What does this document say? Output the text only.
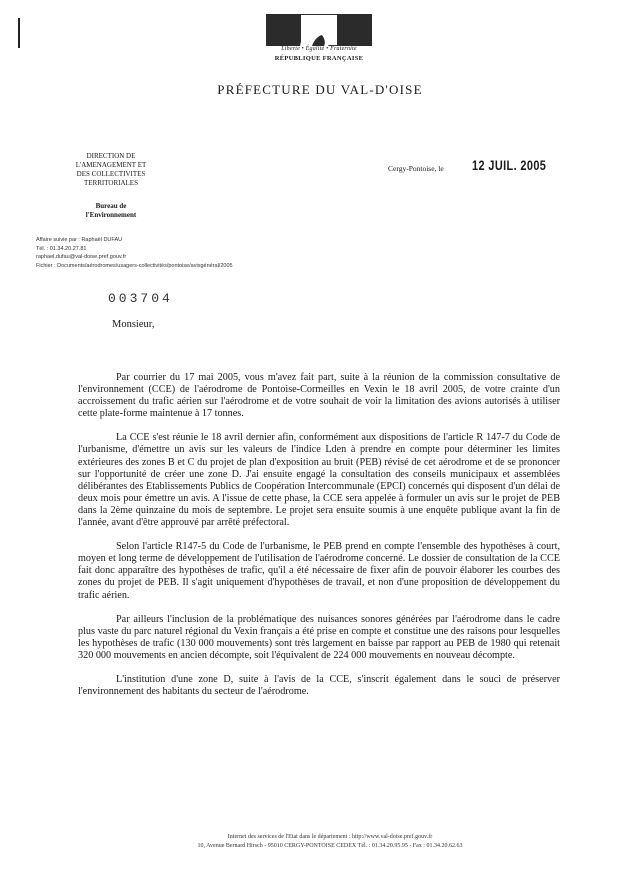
Liberté • Égalité • Fraternité
RÉPUBLIQUE FRANÇAISE
PRÉFECTURE DU VAL-D'OISE
DIRECTION DE
L'AMENAGEMENT ET
DES COLLECTIVITES
TERRITORIALES
Bureau de
l'Environnement
Affaire suivie par : Raphaël DUFAU
Tél. : 01.34.20.27.81
raphael.dufau@val-doise.pref.gouv.fr
Fichier : Documents/aérodromes/usagers-collectivités/pontoise/avisgénéral/2005
Cergy-Pontoise, le	12 JUIL. 2005
003704
Monsieur,

Par courrier du 17 mai 2005, vous m'avez fait part, suite à la réunion de la commission consultative de l'environnement (CCE) de l'aérodrome de Pontoise-Cormeilles en Vexin le 18 avril 2005, de votre crainte d'un accroissement du trafic aérien sur l'aérodrome et de votre souhait de voir la limitation des avions autorisés à utiliser cette plate-forme maintenue à 17 tonnes.

La CCE s'est réunie le 18 avril dernier afin, conformément aux dispositions de l'article R 147-7 du Code de l'urbanisme, d'émettre un avis sur les valeurs de l'indice Lden à prendre en compte pour déterminer les limites extérieures des zones B et C du projet de plan d'exposition au bruit (PEB) révisé de cet aérodrome et de se prononcer sur l'opportunité de créer une zone D. J'ai ensuite engagé la consultation des conseils municipaux et assemblées délibérantes des Etablissements Publics de Coopération Intercommunale (EPCI) concernés qui disposent d'un délai de deux mois pour émettre un avis. A l'issue de cette phase, la CCE sera appelée à formuler un avis sur le projet de PEB dans la 2ème quinzaine du mois de septembre. Le projet sera ensuite soumis à une enquête publique avant la fin de l'année, avant d'être approuvé par arrêté préfectoral.

Selon l'article R147-5 du Code de l'urbanisme, le PEB prend en compte l'ensemble des hypothèses à court, moyen et long terme de développement de l'utilisation de l'aérodrome concerné. Le dossier de consultation de la CCE fait donc apparaître des hypothèses de trafic, qu'il a été nécessaire de fixer afin de pouvoir élaborer les courbes des zones du projet de PEB. Il s'agit uniquement d'hypothèses de travail, et non d'une proposition de développement du trafic aérien.

Par ailleurs l'inclusion de la problématique des nuisances sonores générées par l'aérodrome dans le cadre plus vaste du parc naturel régional du Vexin français a été prise en compte et constitue une des raisons pour lesquelles les hypothèses de trafic (130 000 mouvements) sont très largement en baisse par rapport au PEB de 1980 qui retenait 320 000 mouvements en ancien décompte, soit l'équivalent de 224 000 mouvements en nouveau décompte.

L'institution d'une zone D, suite à l'avis de la CCE, s'inscrit également dans le souci de préserver l'environnement des habitants du secteur de l'aérodrome.

Internet des services de l'Etat dans le département : http://www.val-doise.pref.gouv.fr
10, Avenue Bernard Hirsch - 95010 CERGY-PONTOISE CEDEX Tél. : 01.34.20.95.95 - Fax : 01.34.20.62.63
